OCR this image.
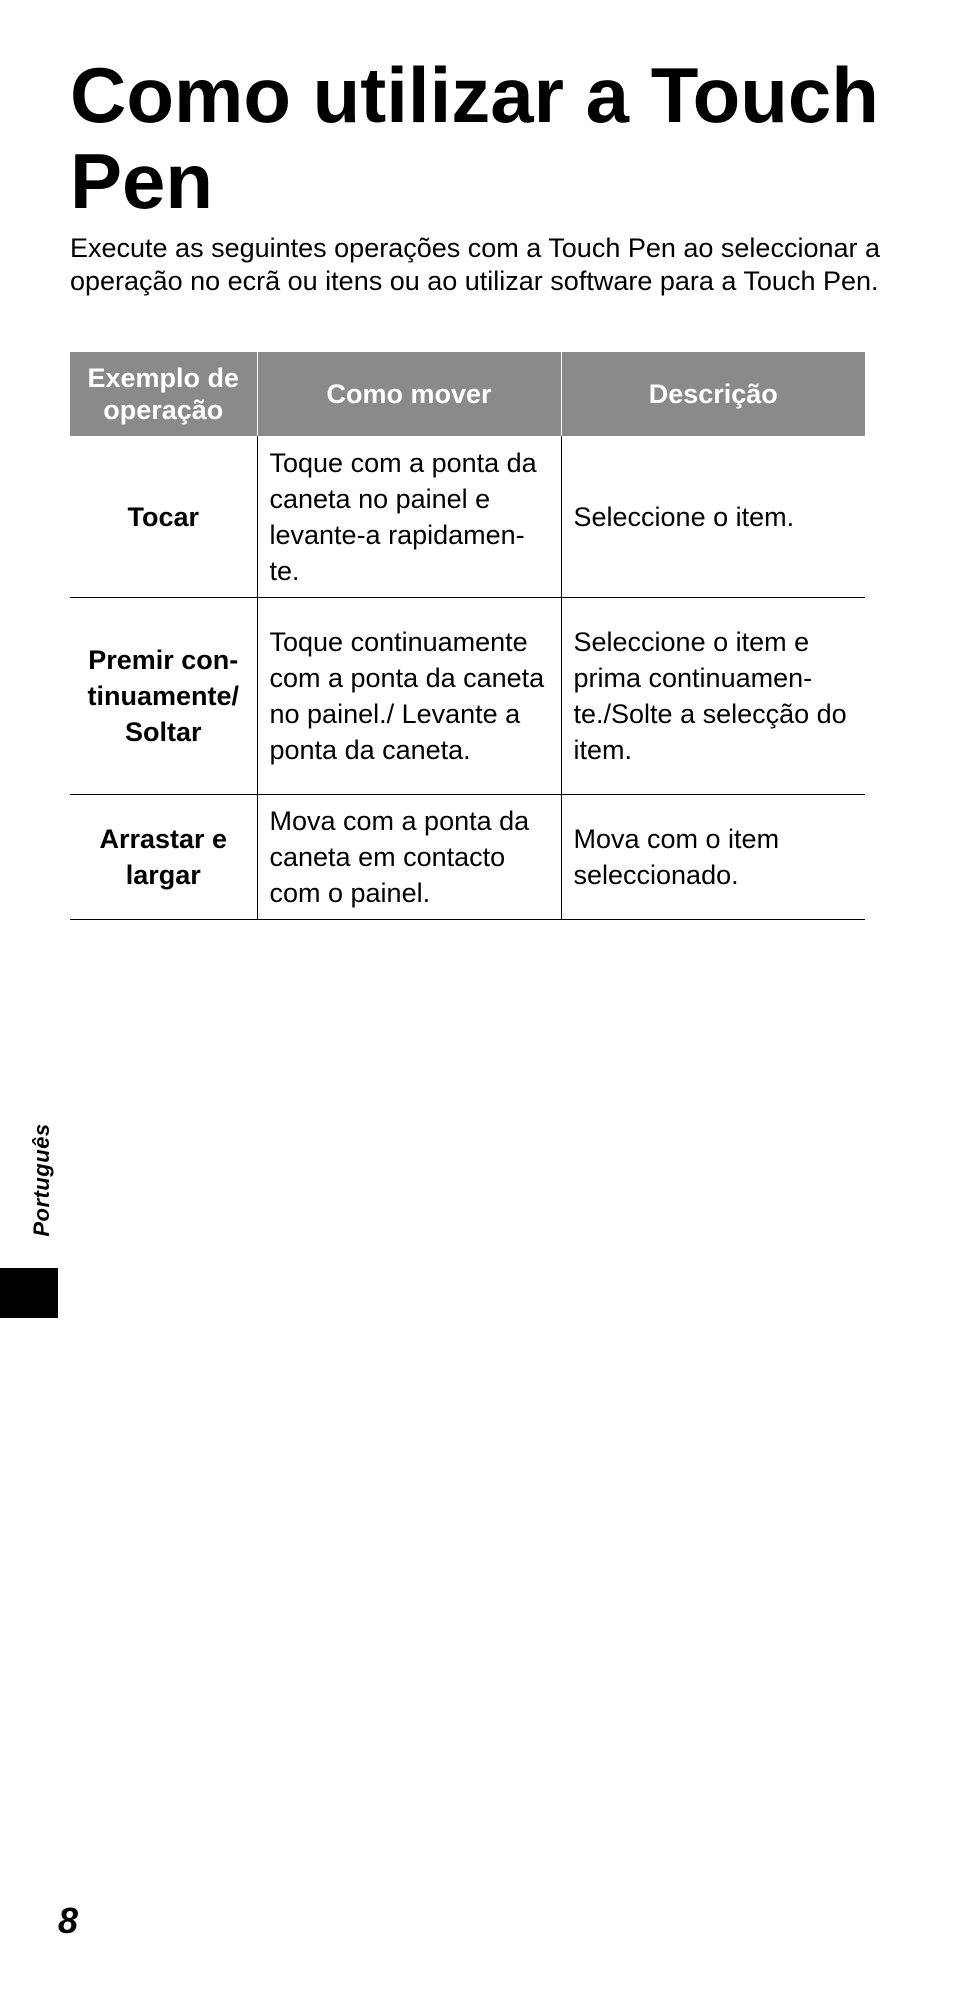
Como utilizar a Touch Pen

Execute as seguintes operações com a Touch Pen ao seleccionar a operação no ecrã ou itens ou ao utilizar software para a Touch Pen.

Exemplo de operação	Como mover	Descrição
Tocar	Toque com a ponta da caneta no painel e levante-a rapidamen-te.	Seleccione o item.
Premir con-tinuamente/ Soltar	Toque continuamente com a ponta da caneta no painel./ Levante a ponta da caneta.	Seleccione o item e prima continuamen-te./Solte a selecção do item.
Arrastar e largar	Mova com a ponta da caneta em contacto com o painel.	Mova com o item seleccionado.
Português
8
